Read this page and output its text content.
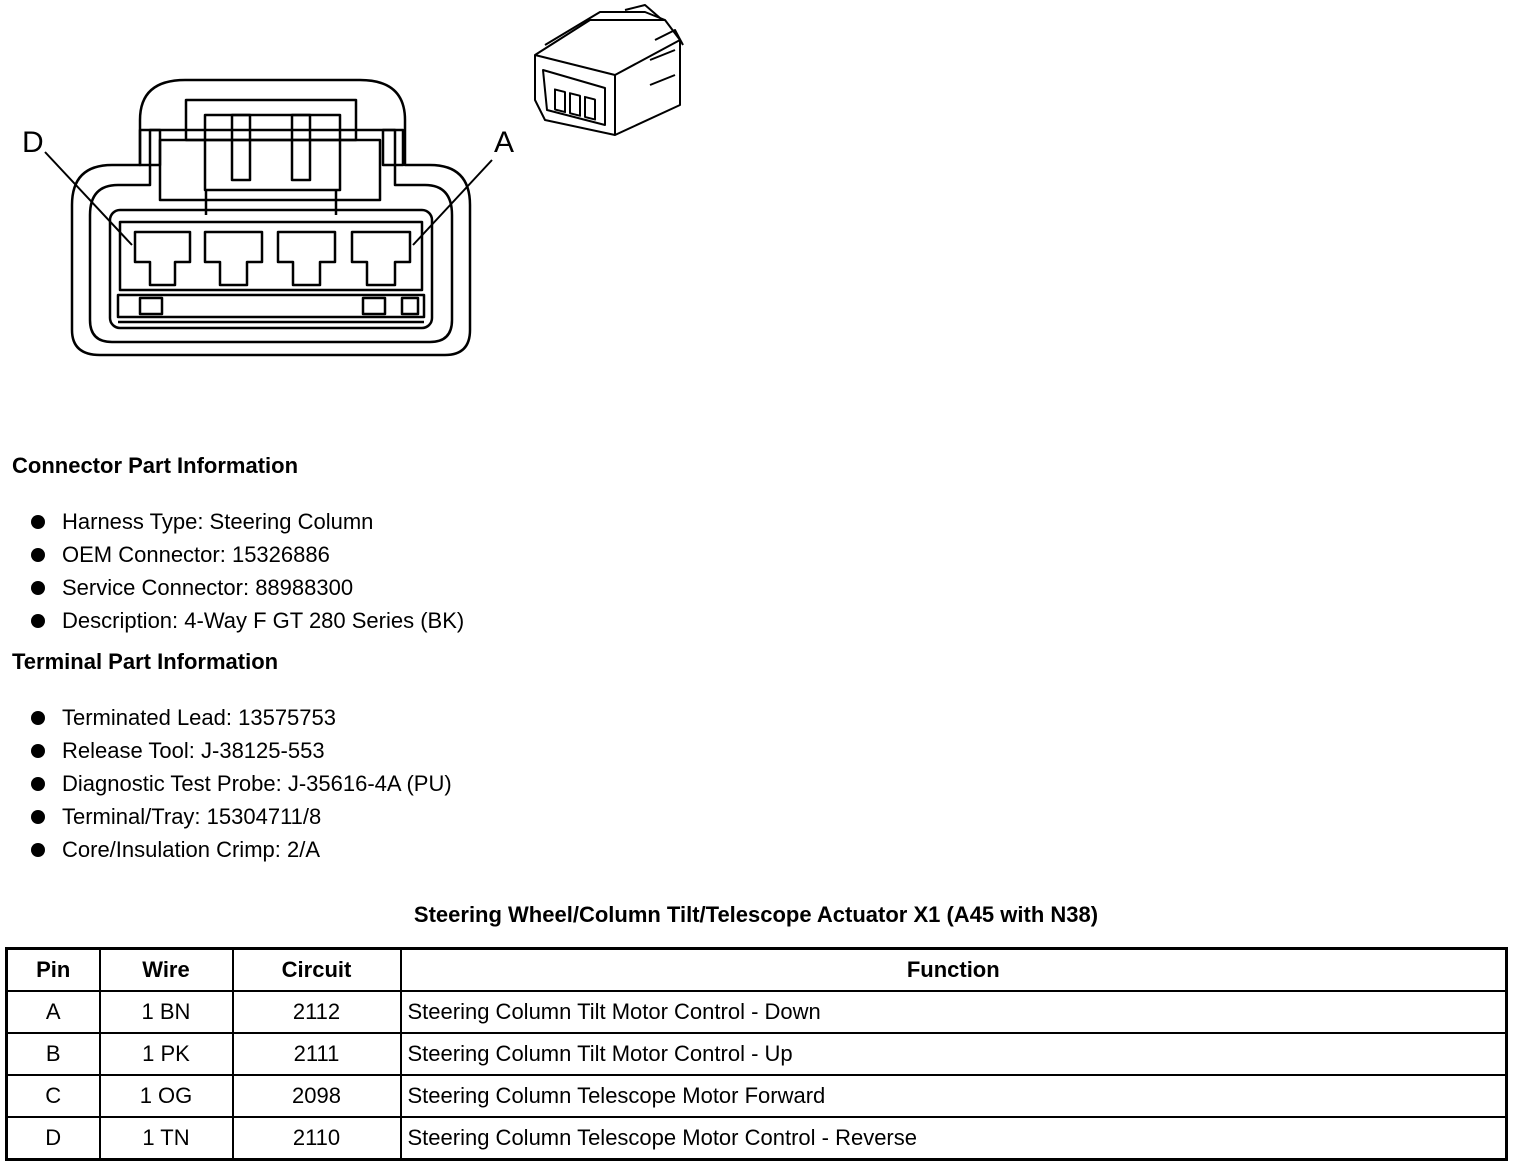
D	A
Connector Part Information
Harness Type: Steering Column
OEM Connector: 15326886
Service Connector: 88988300
Description: 4-Way F GT 280 Series (BK)
Terminal Part Information
Terminated Lead: 13575753
Release Tool: J-38125-553
Diagnostic Test Probe: J-35616-4A (PU)
Terminal/Tray: 15304711/8
Core/Insulation Crimp: 2/A
Steering Wheel/Column Tilt/Telescope Actuator X1 (A45 with N38)
Pin	Wire	Circuit	Function
A	1 BN	2112	Steering Column Tilt Motor Control - Down
B	1 PK	2111	Steering Column Tilt Motor Control - Up
C	1 OG	2098	Steering Column Telescope Motor Forward
D	1 TN	2110	Steering Column Telescope Motor Control - Reverse
